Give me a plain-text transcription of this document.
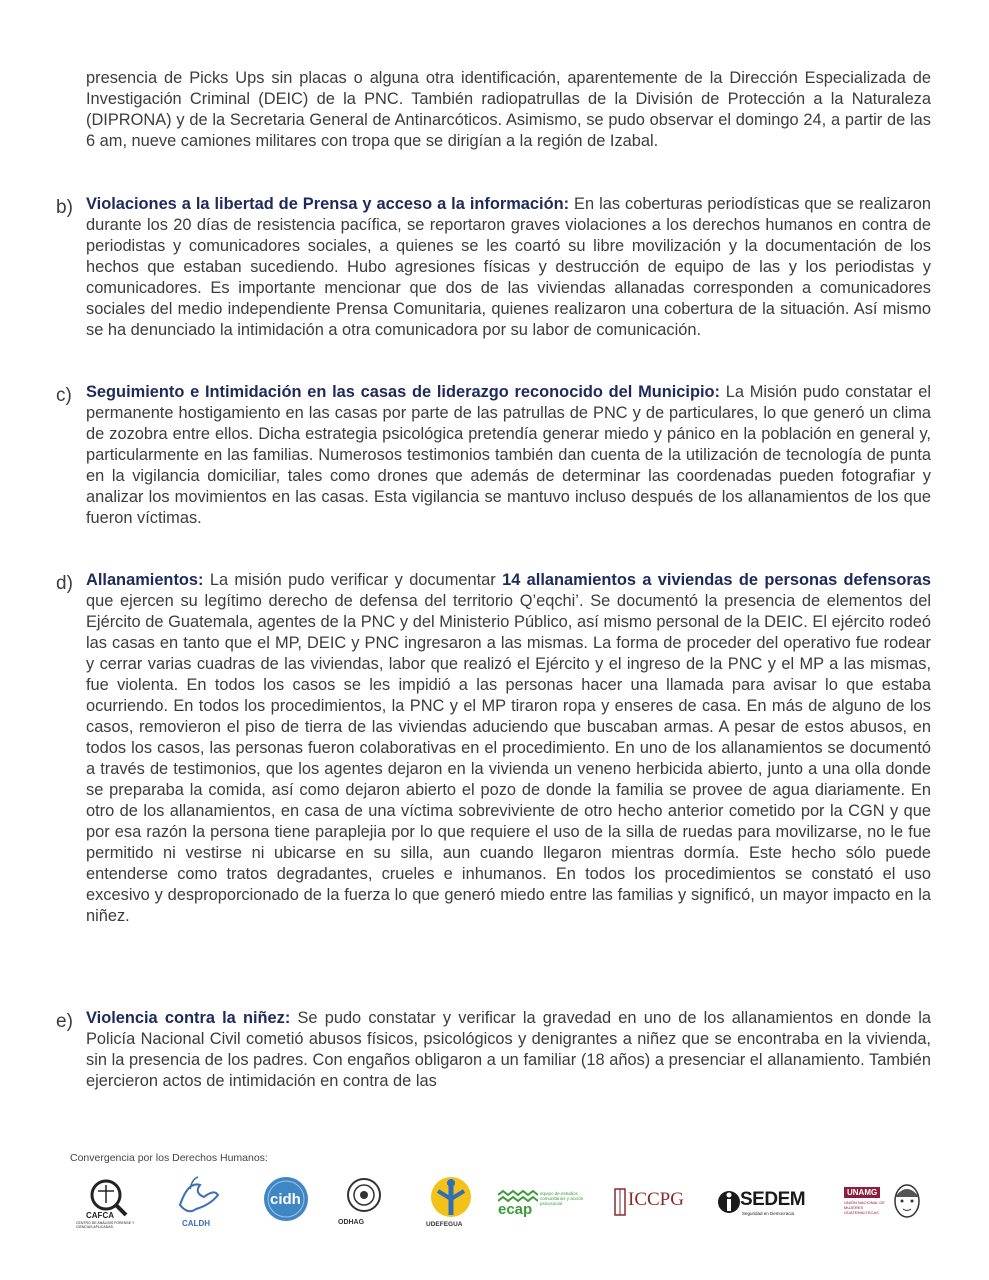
presencia de Picks Ups sin placas o alguna otra identificación, aparentemente de la Dirección Especializada de Investigación Criminal (DEIC) de la PNC. También radiopatrullas de la División de Protección a la Naturaleza (DIPRONA) y de la Secretaria General de Antinarcóticos. Asimismo, se pudo observar el domingo 24, a partir de las 6 am, nueve camiones militares con tropa que se dirigían a la región de Izabal.

b) Violaciones a la libertad de Prensa y acceso a la información: En las coberturas periodísticas que se realizaron durante los 20 días de resistencia pacífica, se reportaron graves violaciones a los derechos humanos en contra de periodistas y comunicadores sociales, a quienes se les coartó su libre movilización y la documentación de los hechos que estaban sucediendo. Hubo agresiones físicas y destrucción de equipo de las y los periodistas y comunicadores. Es importante mencionar que dos de las viviendas allanadas corresponden a comunicadores sociales del medio independiente Prensa Comunitaria, quienes realizaron una cobertura de la situación. Así mismo se ha denunciado la intimidación a otra comunicadora por su labor de comunicación.

c) Seguimiento e Intimidación en las casas de liderazgo reconocido del Municipio: La Misión pudo constatar el permanente hostigamiento en las casas por parte de las patrullas de PNC y de particulares, lo que generó un clima de zozobra entre ellos. Dicha estrategia psicológica pretendía generar miedo y pánico en la población en general y, particularmente en las familias. Numerosos testimonios también dan cuenta de la utilización de tecnología de punta en la vigilancia domiciliar, tales como drones que además de determinar las coordenadas pueden fotografiar y analizar los movimientos en las casas. Esta vigilancia se mantuvo incluso después de los allanamientos de los que fueron víctimas.

d) Allanamientos: La misión pudo verificar y documentar 14 allanamientos a viviendas de personas defensoras que ejercen su legítimo derecho de defensa del territorio Q’eqchi’. Se documentó la presencia de elementos del Ejército de Guatemala, agentes de la PNC y del Ministerio Público, así mismo personal de la DEIC. El ejército rodeó las casas en tanto que el MP, DEIC y PNC ingresaron a las mismas. La forma de proceder del operativo fue rodear y cerrar varias cuadras de las viviendas, labor que realizó el Ejército y el ingreso de la PNC y el MP a las mismas, fue violenta. En todos los casos se les impidió a las personas hacer una llamada para avisar lo que estaba ocurriendo. En todos los procedimientos, la PNC y el MP tiraron ropa y enseres de casa. En más de alguno de los casos, removieron el piso de tierra de las viviendas aduciendo que buscaban armas. A pesar de estos abusos, en todos los casos, las personas fueron colaborativas en el procedimiento. En uno de los allanamientos se documentó a través de testimonios, que los agentes dejaron en la vivienda un veneno herbicida abierto, junto a una olla donde se preparaba la comida, así como dejaron abierto el pozo de donde la familia se provee de agua diariamente. En otro de los allanamientos, en casa de una víctima sobreviviente de otro hecho anterior cometido por la CGN y que por esa razón la persona tiene paraplejia por lo que requiere el uso de la silla de ruedas para movilizarse, no le fue permitido ni vestirse ni ubicarse en su silla, aun cuando llegaron mientras dormía. Este hecho sólo puede entenderse como tratos degradantes, crueles e inhumanos. En todos los procedimientos se constató el uso excesivo y desproporcionado de la fuerza lo que generó miedo entre las familias y significó, un mayor impacto en la niñez.

e) Violencia contra la niñez: Se pudo constatar y verificar la gravedad en uno de los allanamientos en donde la Policía Nacional Civil cometió abusos físicos, psicológicos y denigrantes a niñez que se encontraba en la vivienda, sin la presencia de los padres. Con engaños obligaron a un familiar (18 años) a presenciar el allanamiento. También ejercieron actos de intimidación en contra de las

Convergencia por los Derechos Humanos:
CAFCA
CENTRO DE ANÁLISIS FORENSE Y CIENCIAS APLICADAS	CALDH
cidh
ODHAG	UDEFEGUA
ecap
equipo de estudios comunitarios y acción psicosocial	ICCPG	SEDEM
Seguridad en Democracia
UNAMG
UNIÓN NACIONAL DE MUJERES GUATEMALTECAS
